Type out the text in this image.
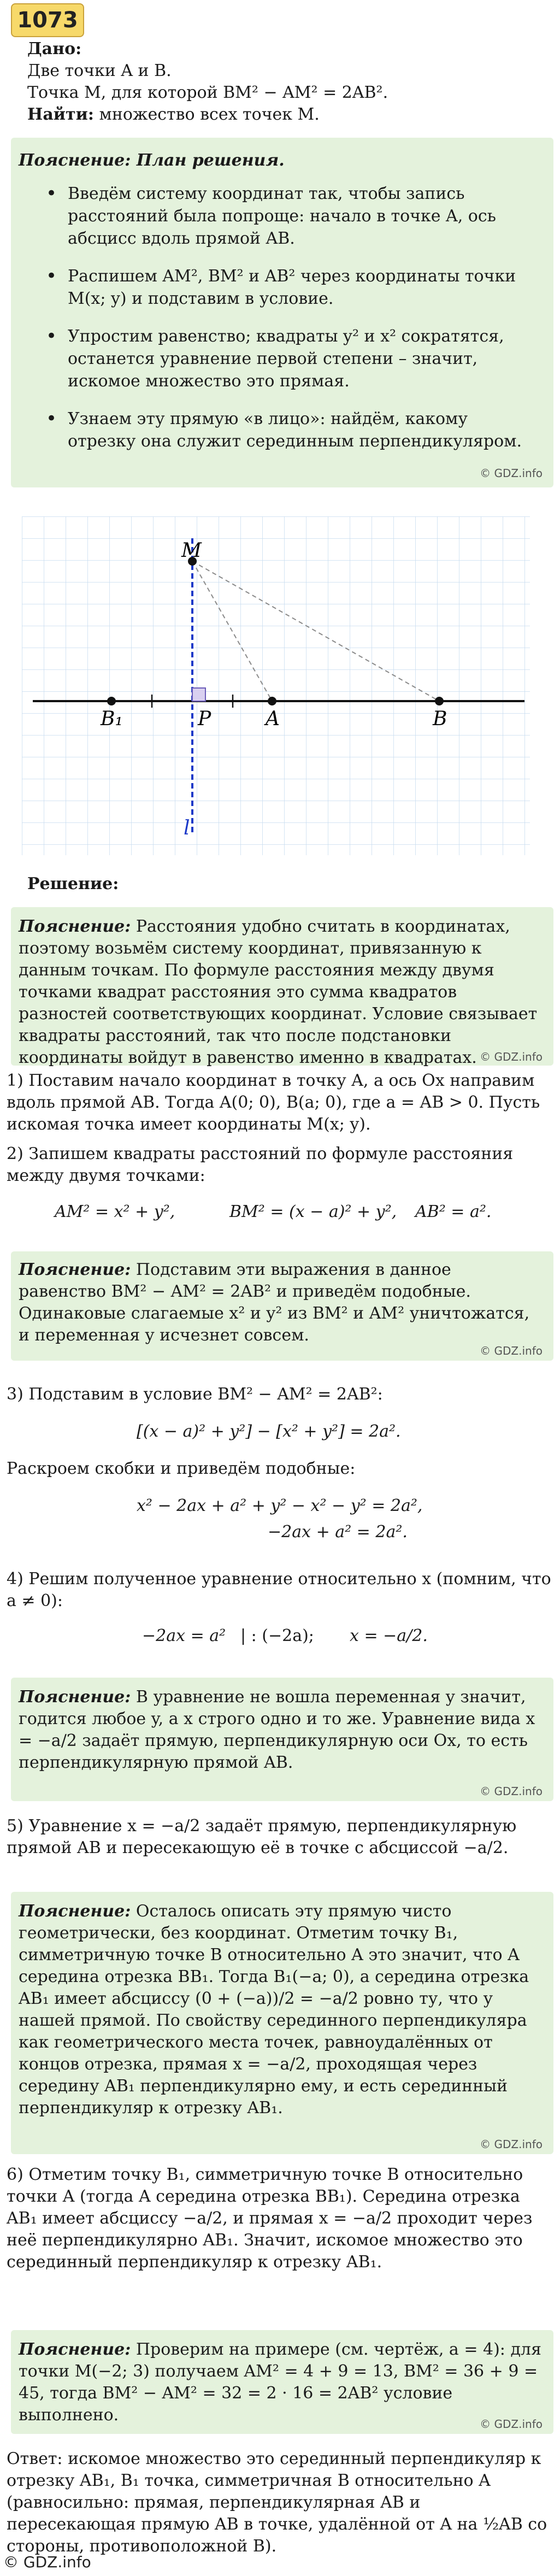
1073
Дано:
Две точки A и B.
Точка M, для которой BM² − AM² = 2AB².
Найти: множество всех точек M.
Пояснение: План решения.
• Введём систему координат так, чтобы запись расстояний была попроще: начало в точке A, ось абсцисс вдоль прямой AB.
• Распишем AM², BM² и AB² через координаты точки M(x; y) и подставим в условие.
• Упростим равенство; квадраты y² и x² сократятся, останется уравнение первой степени – значит, искомое множество это прямая.
• Узнаем эту прямую «в лицо»: найдём, какому отрезку она служит серединным перпендикуляром.
© GDZ.info
M
B₁	P	A	B
l
Решение:
Пояснение: Расстояния удобно считать в координатах, поэтому возьмём систему координат, привязанную к данным точкам. По формуле расстояния между двумя точками квадрат расстояния это сумма квадратов разностей соответствующих координат. Условие связывает квадраты расстояний, так что после подстановки координаты войдут в равенство именно в квадратах. © GDZ.info
1) Поставим начало координат в точку A, а ось Ox направим вдоль прямой AB. Тогда A(0; 0), B(a; 0), где a = AB > 0. Пусть искомая точка имеет координаты M(x; y).
2) Запишем квадраты расстояний по формуле расстояния между двумя точками:
AM² = x² + y²,	BM² = (x − a)² + y², AB² = a².
Пояснение: Подставим эти выражения в данное равенство BM² − AM² = 2AB² и приведём подобные. Одинаковые слагаемые x² и y² из BM² и AM² уничтожатся, и переменная y исчезнет совсем.
© GDZ.info
3) Подставим в условие BM² − AM² = 2AB²:
[(x − a)² + y²] − [x² + y²] = 2a².
Раскроем скобки и приведём подобные:
x² − 2ax + a² + y² − x² − y² = 2a²,
−2ax + a² = 2a².
4) Решим полученное уравнение относительно x (помним, что a ≠ 0):
−2ax = a² | : (−2a); x = −a/2.
Пояснение: В уравнение не вошла переменная y значит, годится любое y, а x строго одно и то же. Уравнение вида x = −a/2 задаёт прямую, перпендикулярную оси Ox, то есть перпендикулярную прямой AB.
© GDZ.info
5) Уравнение x = −a/2 задаёт прямую, перпендикулярную прямой AB и пересекающую её в точке с абсциссой −a/2.
Пояснение: Осталось описать эту прямую чисто геометрически, без координат. Отметим точку B₁, симметричную точке B относительно A это значит, что A середина отрезка BB₁. Тогда B₁(−a; 0), а середина отрезка AB₁ имеет абсциссу (0 + (−a))/2 = −a/2 ровно ту, что у нашей прямой. По свойству серединного перпендикуляра как геометрического места точек, равноудалённых от концов отрезка, прямая x = −a/2, проходящая через середину AB₁ перпендикулярно ему, и есть серединный перпендикуляр к отрезку AB₁.
© GDZ.info
6) Отметим точку B₁, симметричную точке B относительно точки A (тогда A середина отрезка BB₁). Середина отрезка AB₁ имеет абсциссу −a/2, и прямая x = −a/2 проходит через неё перпендикулярно AB₁. Значит, искомое множество это серединный перпендикуляр к отрезку AB₁.
Пояснение: Проверим на примере (см. чертёж, a = 4): для точки M(−2; 3) получаем AM² = 4 + 9 = 13, BM² = 36 + 9 = 45, тогда BM² − AM² = 32 = 2 · 16 = 2AB² условие выполнено.	© GDZ.info
Ответ: искомое множество это серединный перпендикуляр к отрезку AB₁, B₁ точка, симметричная B относительно A (равносильно: прямая, перпендикулярная AB и пересекающая прямую AB в точке, удалённой от A на ½AB со стороны, противоположной B).
© GDZ.info
